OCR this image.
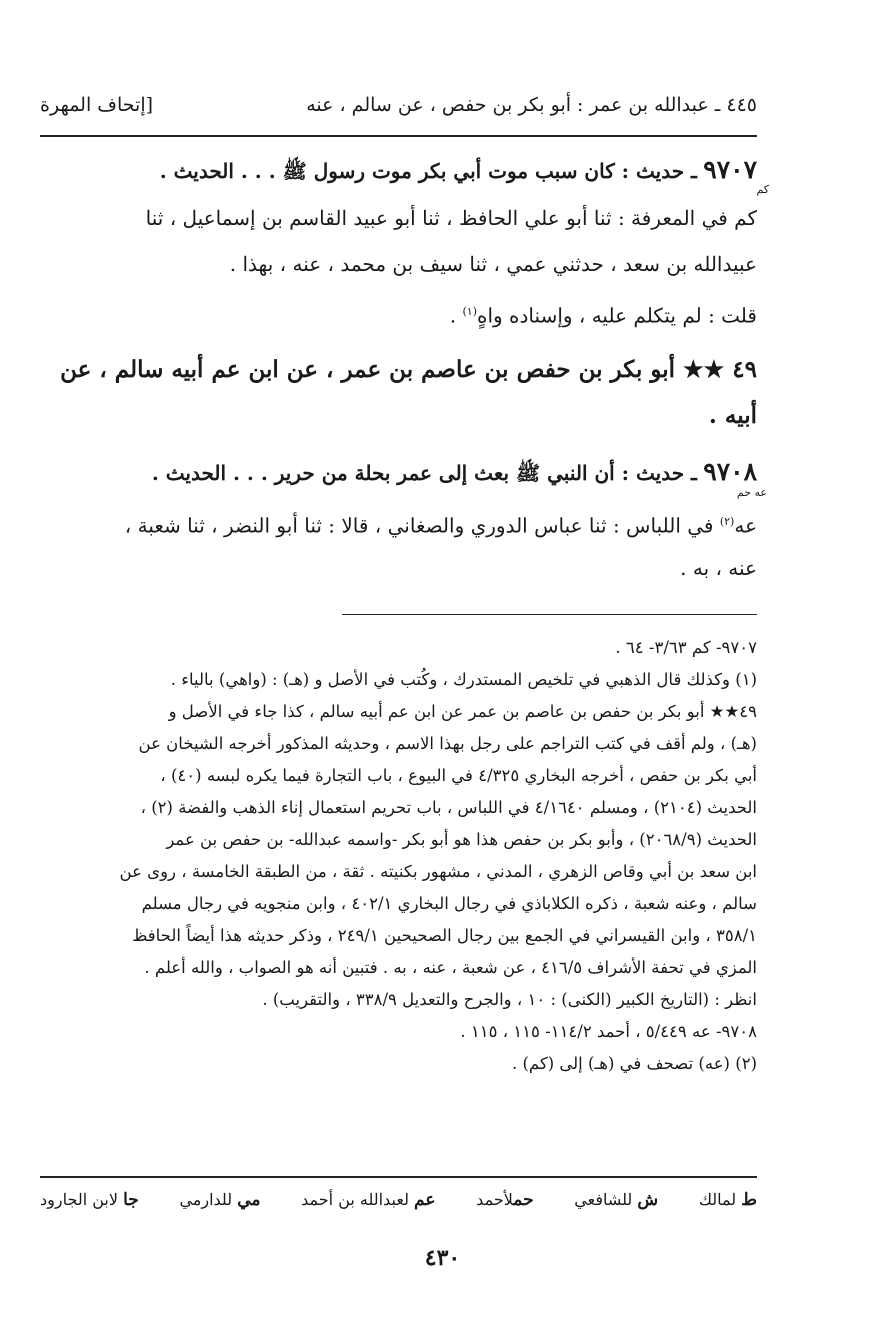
٤٤٥ ـ عبدالله بن عمر : أبو بكر بن حفص ، عن سالم ، عنه
[إتحاف المهرة
٩٧٠٧ ـ حديث : كان سبب موت أبي بكر موت رسول ﷺ . . . الحديث .
كم
كم في المعرفة : ثنا أبو علي الحافظ ، ثنا أبو عبيد القاسم بن إسماعيل ، ثنا
عبيدالله بن سعد ، حدثني عمي ، ثنا سيف بن محمد ، عنه ، بهذا .
قلت : لم يتكلم عليه ، وإسناده واهٍ$^{(١)}$ .
٤٩ ★★ أبو بكر بن حفص بن عاصم بن عمر ، عن ابن عم أبيه سالم ، عن
أبيه .
٩٧٠٨ ـ حديث : أن النبي ﷺ بعث إلى عمر بحلة من حرير . . . الحديث .
عه حم
عه$^{(٢)}$ في اللباس : ثنا عباس الدوري والصغاني ، قالا : ثنا أبو النضر ، ثنا شعبة ،
عنه ، به .
٩٧٠٧- كم ٣/٦٣- ٦٤ .
(١) وكذلك قال الذهبي في تلخيص المستدرك ، وكُتب في الأصل و (هـ) : (واهي) بالياء .
٤٩★★ أبو بكر بن حفص بن عاصم بن عمر عن ابن عم أبيه سالم ، كذا جاء في الأصل و
(هـ) ، ولم أقف في كتب التراجم على رجل بهذا الاسم ، وحديثه المذكور أخرجه الشيخان عن
أبي بكر بن حفص ، أخرجه البخاري ٤/٣٢٥ في البيوع ، باب التجارة فيما يكره لبسه (٤٠) ،
الحديث (٢١٠٤) ، ومسلم ٤/١٦٤٠ في اللباس ، باب تحريم استعمال إناء الذهب والفضة (٢) ،
الحديث (٢٠٦٨/٩) ، وأبو بكر بن حفص هذا هو أبو بكر -واسمه عبدالله- بن حفص بن عمر
ابن سعد بن أبي وقاص الزهري ، المدني ، مشهور بكنيته . ثقة ، من الطبقة الخامسة ، روى عن
سالم ، وعنه شعبة ، ذكره الكلاباذي في رجال البخاري ٤٠٢/١ ، وابن منجويه في رجال مسلم
٣٥٨/١ ، وابن القيسراني في الجمع بين رجال الصحيحين ٢٤٩/١ ، وذكر حديثه هذا أيضاً الحافظ
المزي في تحفة الأشراف ٤١٦/٥ ، عن شعبة ، عنه ، به . فتبين أنه هو الصواب ، والله أعلم .
انظر : (التاريخ الكبير (الكنى) : ١٠ ، والجرح والتعديل ٣٣٨/٩ ، والتقريب) .
٩٧٠٨- عه ٥/٤٤٩ ، أحمد ١١٤/٢- ١١٥ ، ١١٥ .
(٢) (عه) تصحف في (هـ) إلى (كم) .
ط لمالك
ش للشافعي
حملأحمد
عم لعبدالله بن أحمد
مي للدارمي
جا لابن الجارود
٤٣٠
